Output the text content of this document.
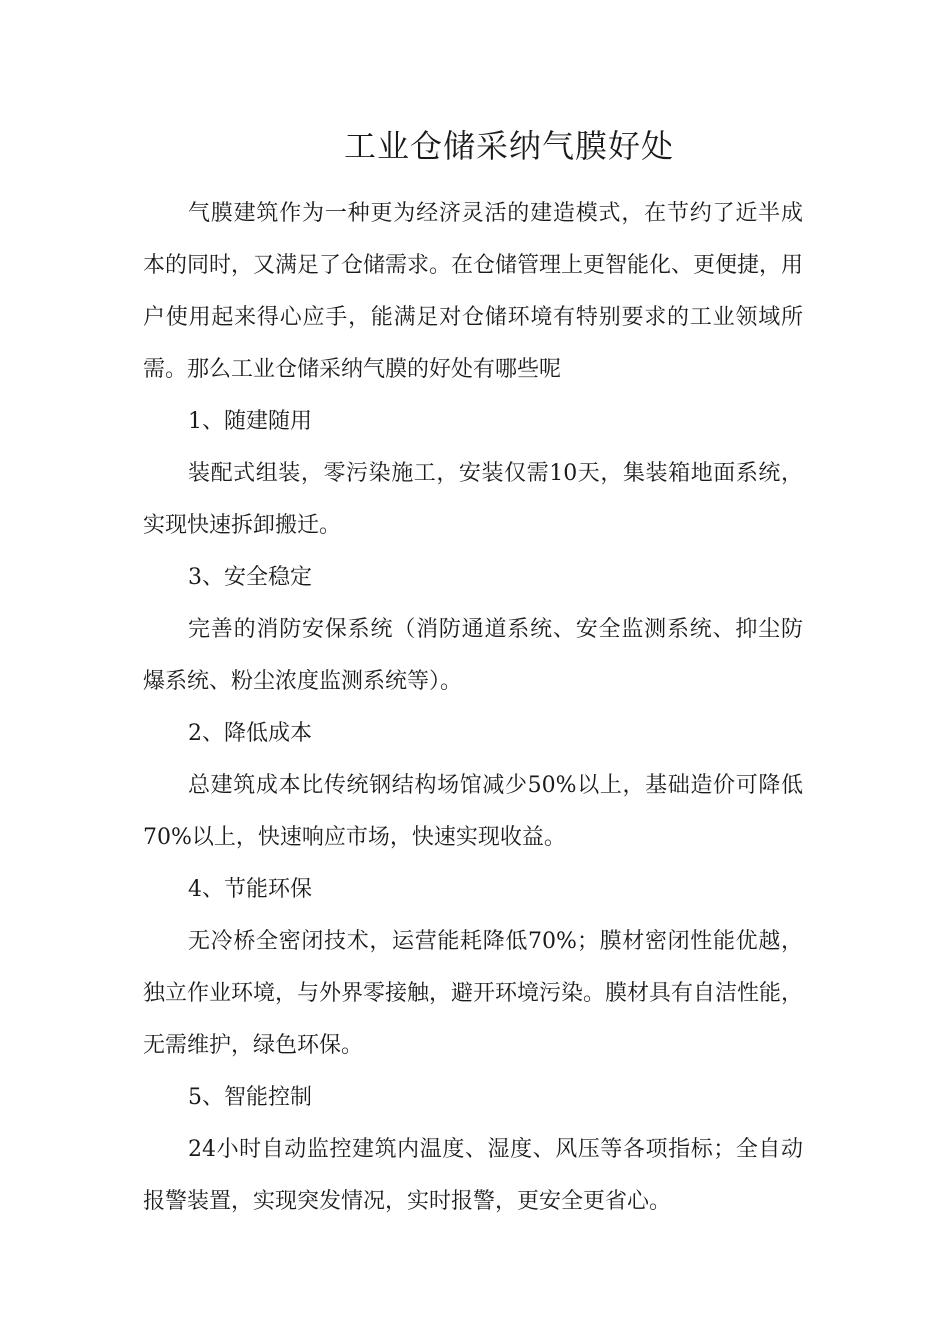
工业仓储采纳气膜好处

气膜建筑作为一种更为经济灵活的建造模式，在节约了近半成本的同时，又满足了仓储需求。在仓储管理上更智能化、更便捷，用户使用起来得心应手，能满足对仓储环境有特别要求的工业领域所需。那么工业仓储采纳气膜的好处有哪些呢

1、随建随用

装配式组装，零污染施工，安装仅需10天，集装箱地面系统，实现快速拆卸搬迁。

3、安全稳定

完善的消防安保系统（消防通道系统、安全监测系统、抑尘防爆系统、粉尘浓度监测系统等）。

2、降低成本

总建筑成本比传统钢结构场馆减少50%以上，基础造价可降低70%以上，快速响应市场，快速实现收益。

4、节能环保

无冷桥全密闭技术，运营能耗降低70%；膜材密闭性能优越，独立作业环境，与外界零接触，避开环境污染。膜材具有自洁性能，无需维护，绿色环保。

5、智能控制

24小时自动监控建筑内温度、湿度、风压等各项指标；全自动报警装置，实现突发情况，实时报警，更安全更省心。
